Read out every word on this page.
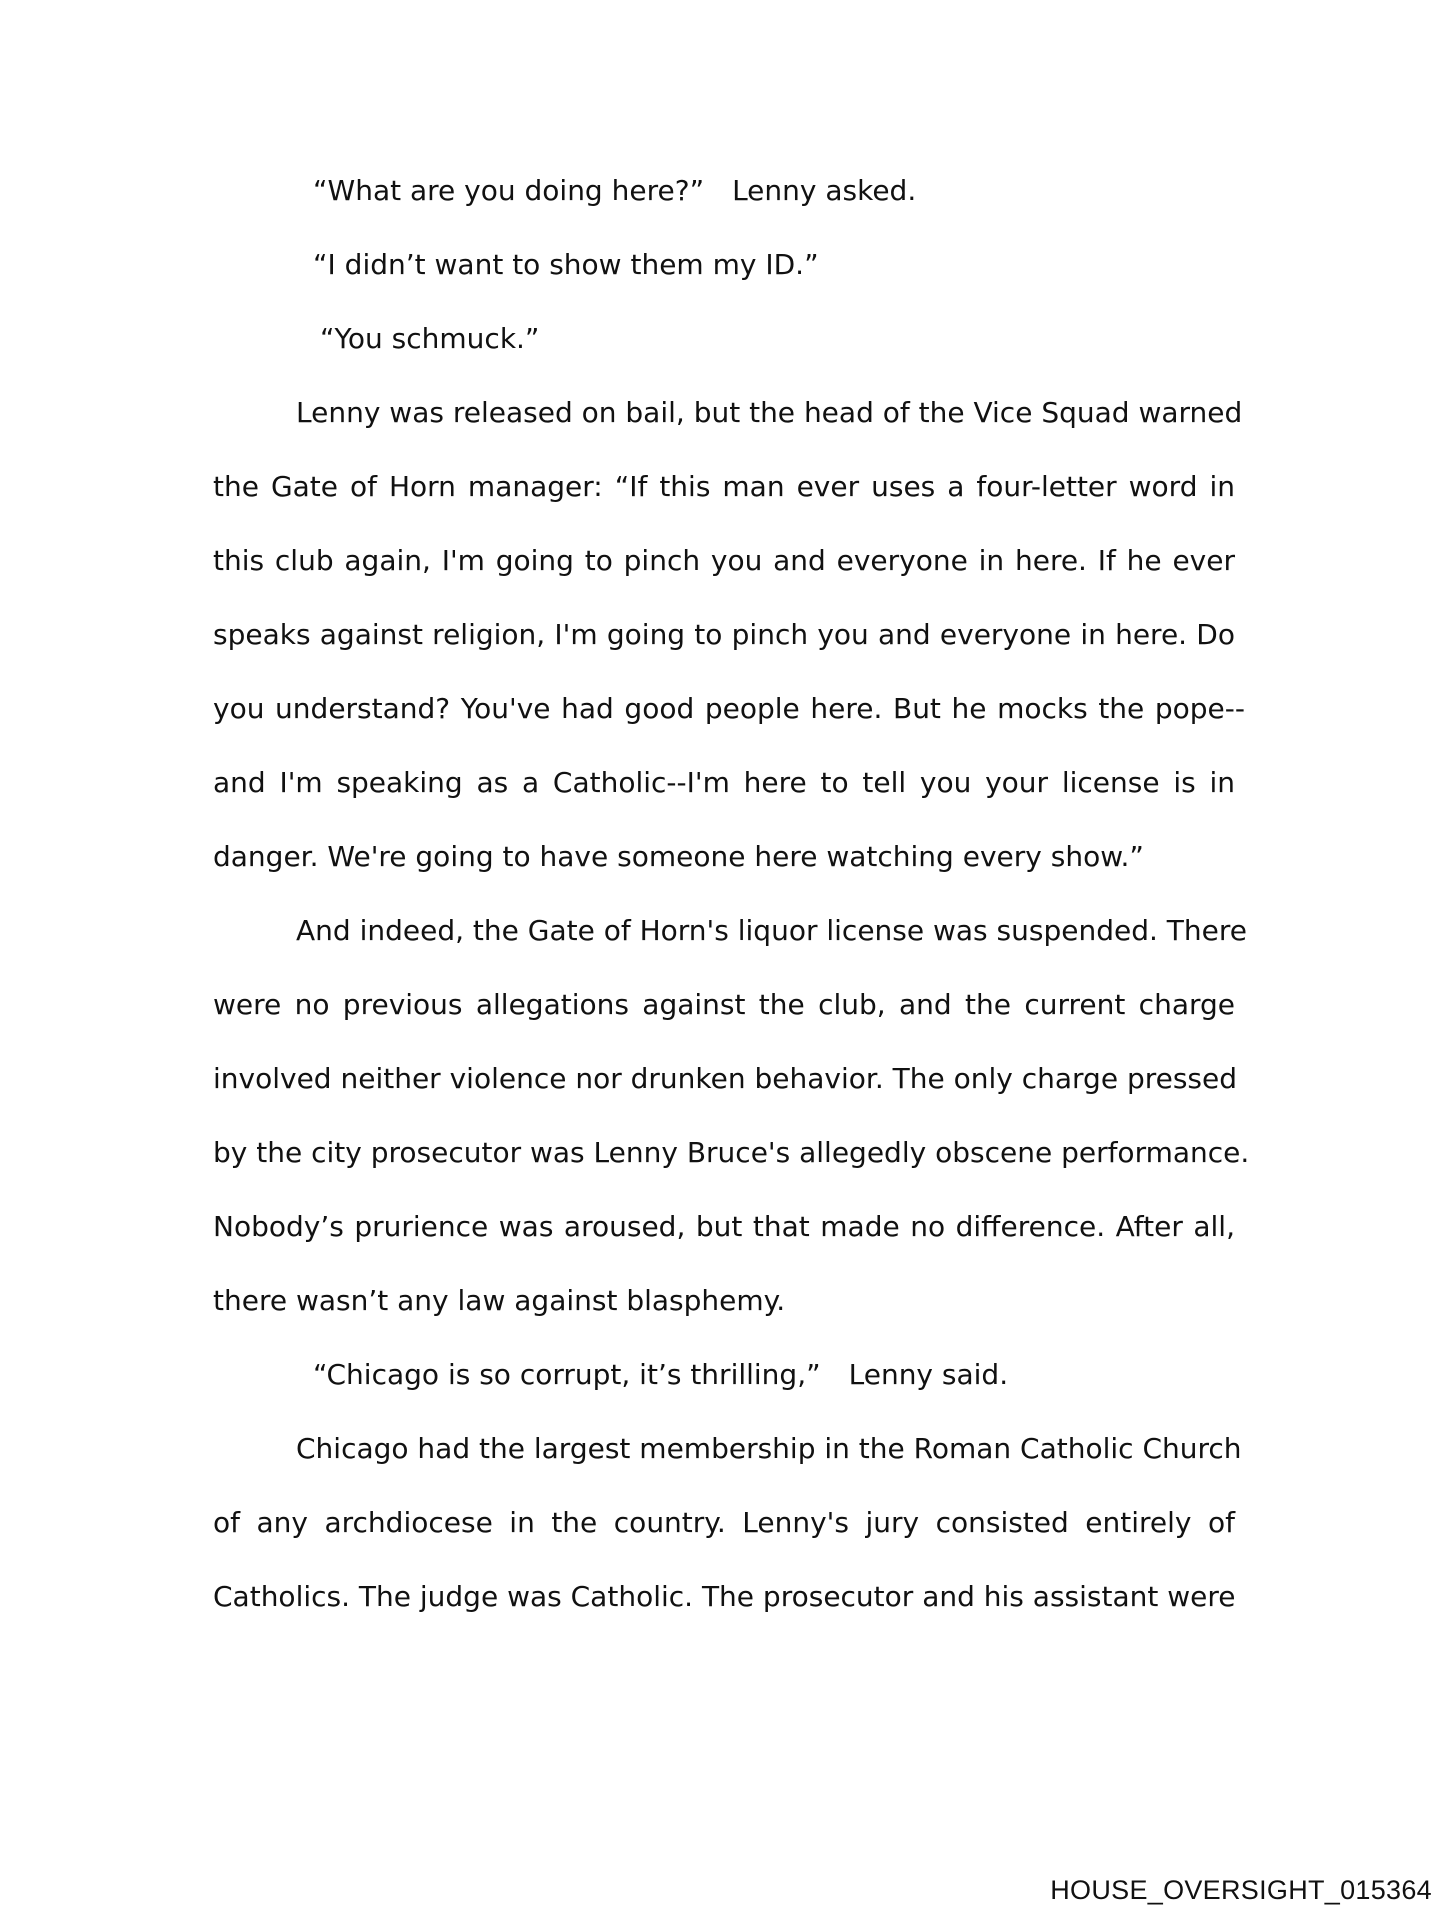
“What are you doing here?”　Lenny asked.
“I didn’t want to show them my ID.”
“You schmuck.”
Lenny was released on bail, but the head of the Vice Squad warned
the Gate of Horn manager: “If this man ever uses a four-letter word in
this club again, I'm going to pinch you and everyone in here. If he ever
speaks against religion, I'm going to pinch you and everyone in here. Do
you understand? You've had good people here. But he mocks the pope--
and I'm speaking as a Catholic--I'm here to tell you your license is in
danger. We're going to have someone here watching every show.”
And indeed, the Gate of Horn's liquor license was suspended. There
were no previous allegations against the club, and the current charge
involved neither violence nor drunken behavior. The only charge pressed
by the city prosecutor was Lenny Bruce's allegedly obscene performance.
Nobody’s prurience was aroused, but that made no difference. After all,
there wasn’t any law against blasphemy.
“Chicago is so corrupt, it’s thrilling,”　Lenny said.
Chicago had the largest membership in the Roman Catholic Church
of any archdiocese in the country. Lenny's jury consisted entirely of
Catholics. The judge was Catholic. The prosecutor and his assistant were
HOUSE_OVERSIGHT_015364
